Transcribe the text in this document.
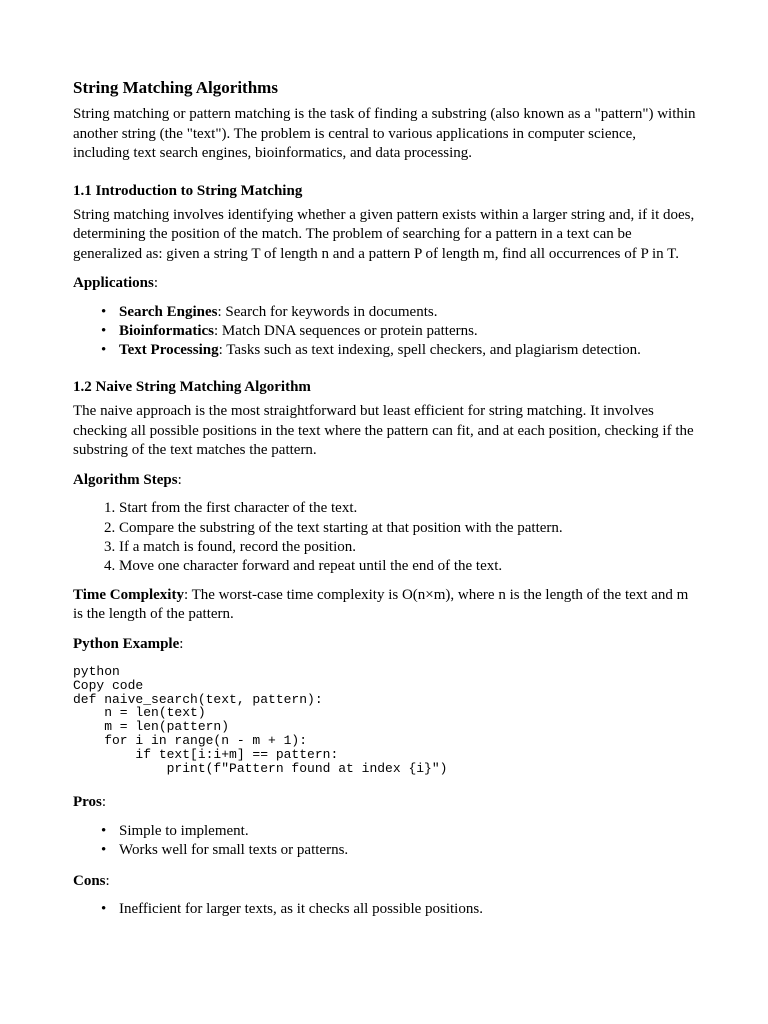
String Matching Algorithms

String matching or pattern matching is the task of finding a substring (also known as a "pattern") within another string (the "text"). The problem is central to various applications in computer science, including text search engines, bioinformatics, and data processing.

1.1 Introduction to String Matching

String matching involves identifying whether a given pattern exists within a larger string and, if it does, determining the position of the match. The problem of searching for a pattern in a text can be generalized as: given a string T of length n and a pattern P of length m, find all occurrences of P in T.

Applications:

• Search Engines: Search for keywords in documents.
• Bioinformatics: Match DNA sequences or protein patterns.
• Text Processing: Tasks such as text indexing, spell checkers, and plagiarism detection.
1.2 Naive String Matching Algorithm

The naive approach is the most straightforward but least efficient for string matching. It involves checking all possible positions in the text where the pattern can fit, and at each position, checking if the substring of the text matches the pattern.

Algorithm Steps:

1. Start from the first character of the text.
2. Compare the substring of the text starting at that position with the pattern.
3. If a match is found, record the position.
4. Move one character forward and repeat until the end of the text.

Time Complexity: The worst-case time complexity is O(n×m), where n is the length of the text and m is the length of the pattern.

Python Example:

python
Copy code
def naive_search(text, pattern):
n = len(text)
m = len(pattern)
for i in range(n - m + 1):
if text[i:i+m] == pattern:
print(f"Pattern found at index {i}")

Pros:

• Simple to implement.
• Works well for small texts or patterns.

Cons:

• Inefficient for larger texts, as it checks all possible positions.
